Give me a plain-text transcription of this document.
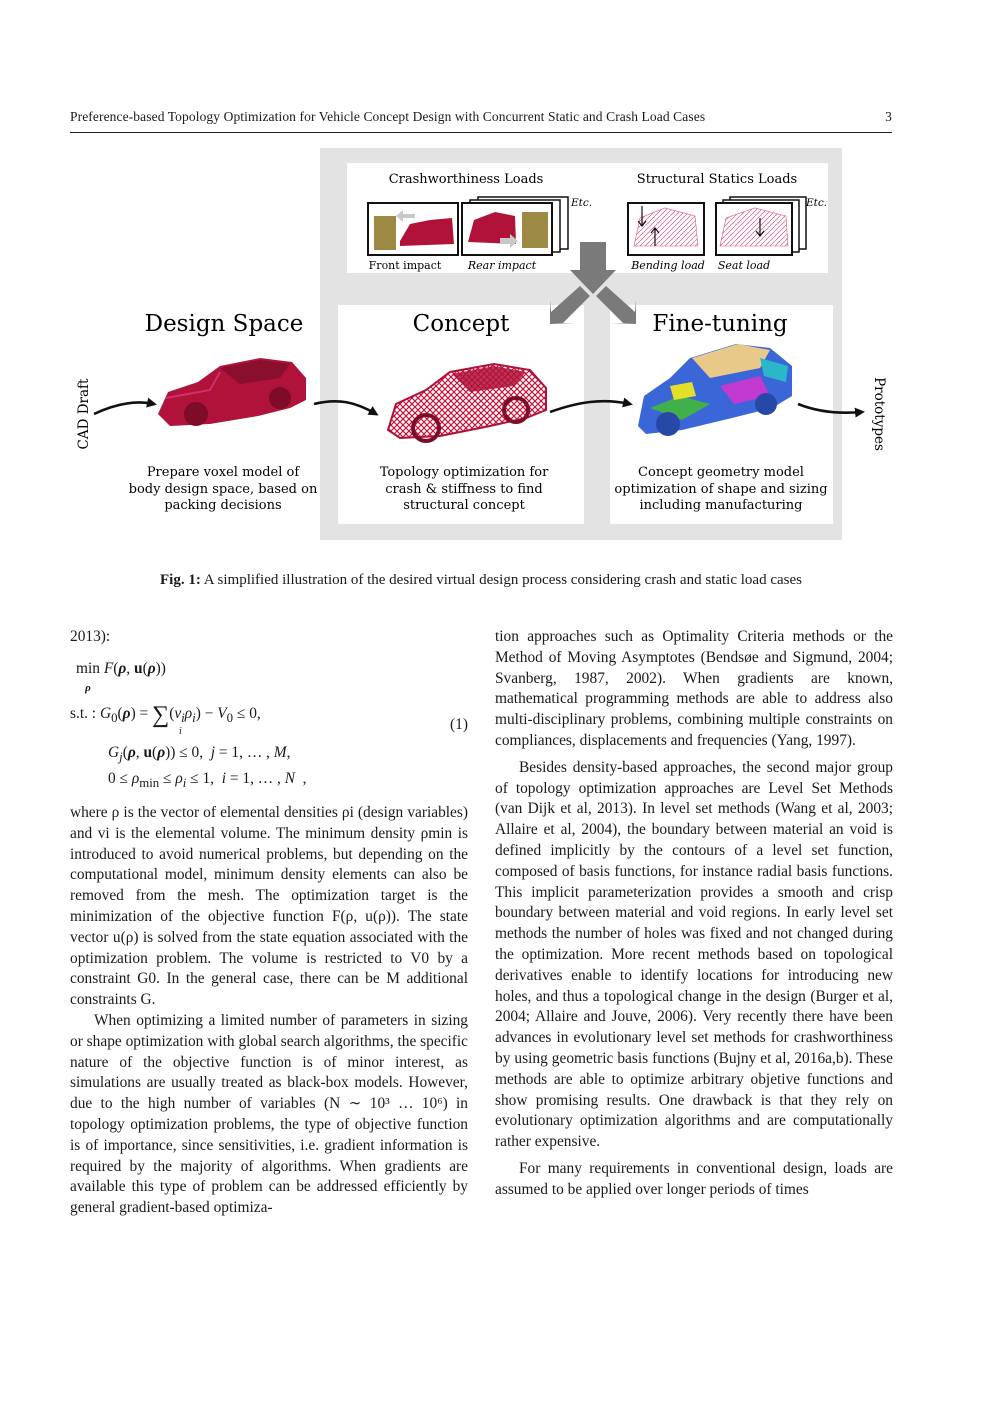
Preference-based Topology Optimization for Vehicle Concept Design with Concurrent Static and Crash Load Cases	3
Crashworthiness Loads	Structural Statics Loads
Etc.	Etc.
Front impact Rear impact	Bending load Seat load
Design Space	Concept	Fine-tuning
CAD Draft	Prototypes
Prepare voxel model of
body design space, based on
packing decisions
Topology optimization for
crash & stiffness to find
structural concept
Concept geometry model
optimization of shape and sizing
including manufacturing
Fig. 1: A simplified illustration of the desired virtual design process considering crash and static load cases

2013):

min
ρ F(ρ, u(ρ))
s.t. : $G_0(\rho) = \sum(v_i\rho_i) - V_0 \le 0$,
i
$G_j(\rho$, u(ρ)) ≤ 0,  j = 1, … , M,
$0 \le \rho_{min} \le \rho_i \le 1$,  i = 1, … , N  ,
(1)

where ρ is the vector of elemental densities ρi (design variables) and vi is the elemental volume. The minimum density ρmin is introduced to avoid numerical problems, but depending on the computational model, minimum density elements can also be removed from the mesh. The optimization target is the minimization of the objective function F(ρ, u(ρ)). The state vector u(ρ) is solved from the state equation associated with the optimization problem. The volume is restricted to V0 by a constraint G0. In the general case, there can be M additional constraints G.

When optimizing a limited number of parameters in sizing or shape optimization with global search algorithms, the specific nature of the objective function is of minor interest, as simulations are usually treated as black-box models. However, due to the high number of variables (N ∼ 10³ … 10⁶) in topology optimization problems, the type of objective function is of importance, since sensitivities, i.e. gradient information is required by the majority of algorithms. When gradients are available this type of problem can be addressed efficiently by general gradient-based optimiza-

tion approaches such as Optimality Criteria methods or the Method of Moving Asymptotes (Bendsøe and Sigmund, 2004; Svanberg, 1987, 2002). When gradients are known, mathematical programming methods are able to address also multi-disciplinary problems, combining multiple constraints on compliances, displacements and frequencies (Yang, 1997).

Besides density-based approaches, the second major group of topology optimization approaches are Level Set Methods (van Dijk et al, 2013). In level set methods (Wang et al, 2003; Allaire et al, 2004), the boundary between material an void is defined implicitly by the contours of a level set function, composed of basis functions, for instance radial basis functions. This implicit parameterization provides a smooth and crisp boundary between material and void regions. In early level set methods the number of holes was fixed and not changed during the optimization. More recent methods based on topological derivatives enable to identify locations for introducing new holes, and thus a topological change in the design (Burger et al, 2004; Allaire and Jouve, 2006). Very recently there have been advances in evolutionary level set methods for crashworthiness by using geometric basis functions (Bujny et al, 2016a,b). These methods are able to optimize arbitrary objetive functions and show promising results. One drawback is that they rely on evolutionary optimization algorithms and are computationally rather expensive.

For many requirements in conventional design, loads are assumed to be applied over longer periods of times
